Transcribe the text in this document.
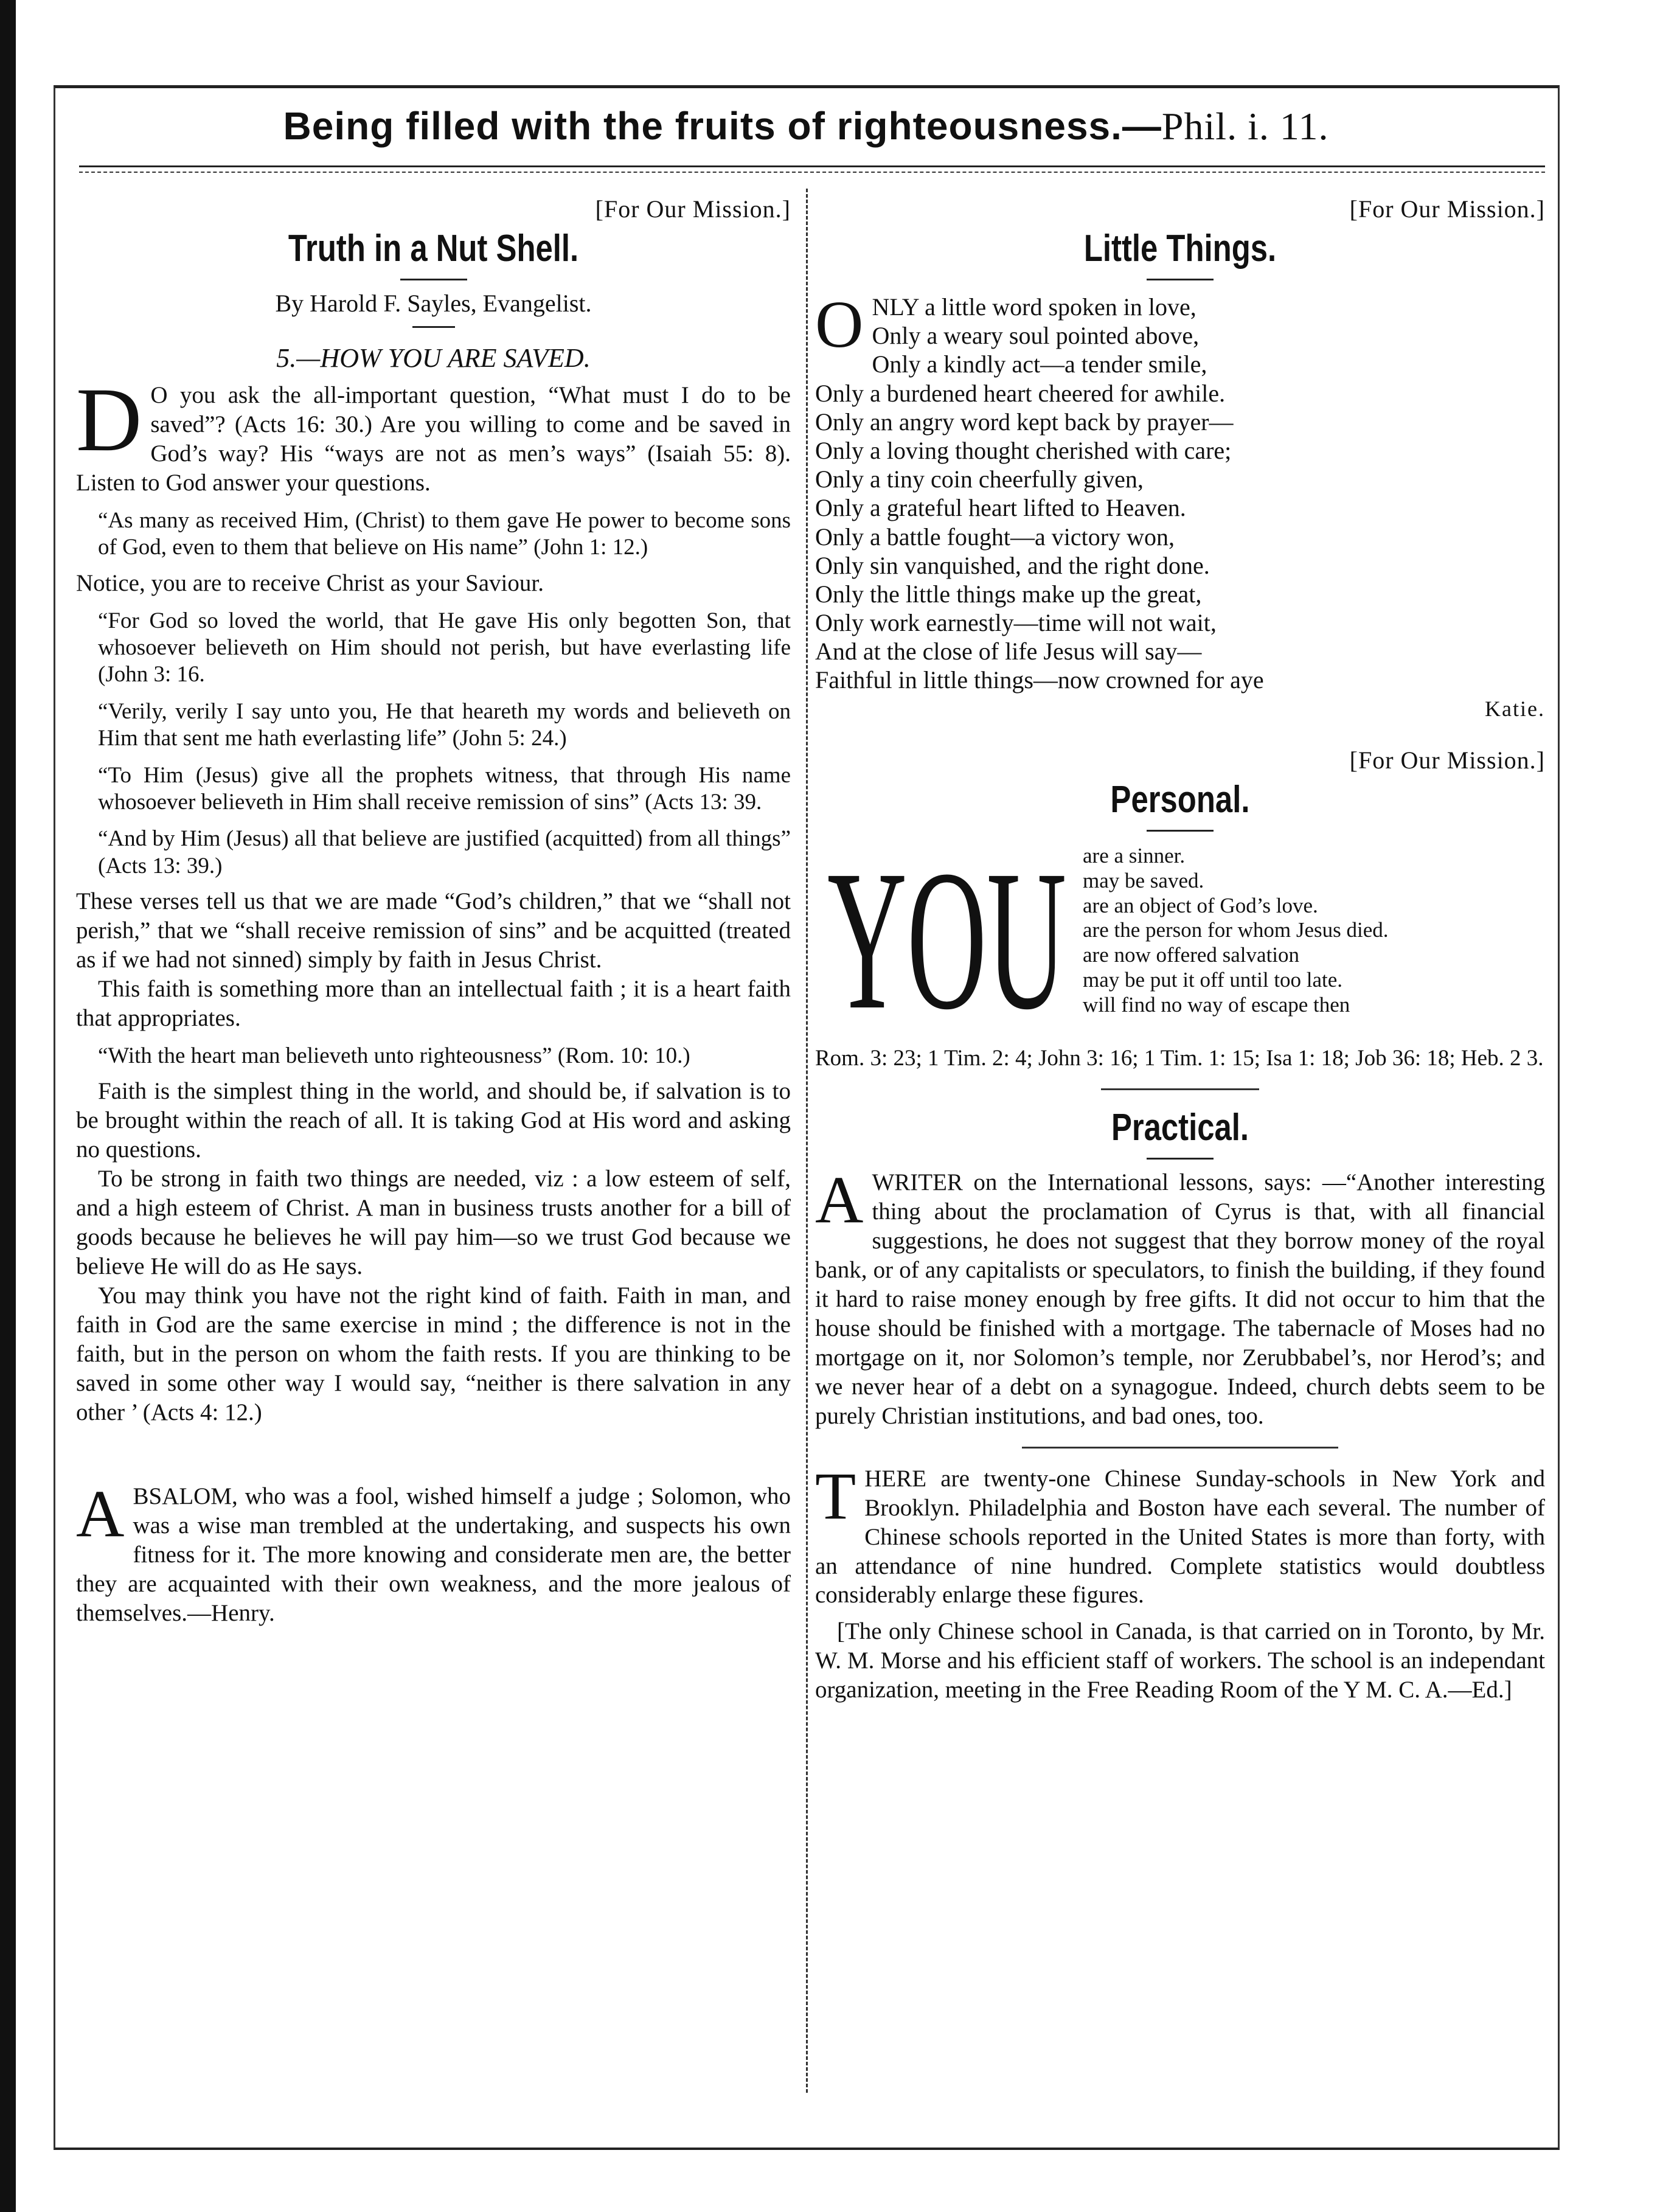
Being filled with the fruits of righteousness.—Phil. i. 11.

[For Our Mission.]

Truth in a Nut Shell.

By Harold F. Sayles, Evangelist.

5.—HOW YOU ARE SAVED.

D O you ask the all-important question, “What must I do to be saved”? (Acts 16: 30.) Are you willing to come and be saved in God’s way? His “ways are not as men’s ways” (Isaiah 55: 8). Listen to God answer your questions.

“As many as received Him, (Christ) to them gave He power to become sons of God, even to them that believe on His name” (John 1: 12.)

Notice, you are to receive Christ as your Saviour.

“For God so loved the world, that He gave His only begotten Son, that whosoever believeth on Him should not perish, but have everlasting life (John 3: 16.

“Verily, verily I say unto you, He that heareth my words and believeth on Him that sent me hath everlasting life” (John 5: 24.)

“To Him (Jesus) give all the prophets witness, that through His name whosoever believeth in Him shall receive remission of sins” (Acts 13: 39.

“And by Him (Jesus) all that believe are justified (acquitted) from all things” (Acts 13: 39.)

These verses tell us that we are made “God’s children,” that we “shall not perish,” that we “shall receive remission of sins” and be acquitted (treated as if we had not sinned) simply by faith in Jesus Christ.

This faith is something more than an intellectual faith ; it is a heart faith that appropriates.

“With the heart man believeth unto righteousness” (Rom. 10: 10.)

Faith is the simplest thing in the world, and should be, if salvation is to be brought within the reach of all. It is taking God at His word and asking no questions.

To be strong in faith two things are needed, viz : a low esteem of self, and a high esteem of Christ. A man in business trusts another for a bill of goods because he believes he will pay him—so we trust God because we believe He will do as He says.

You may think you have not the right kind of faith. Faith in man, and faith in God are the same exercise in mind ; the difference is not in the faith, but in the person on whom the faith rests. If you are thinking to be saved in some other way I would say, “neither is there salvation in any other ’ (Acts 4: 12.)

ABSALOM, who was a fool, wished himself a judge ; Solomon, who was a wise man trembled at the undertaking, and suspects his own fitness for it. The more knowing and considerate men are, the better they are acquainted with their own weakness, and the more jealous of themselves.—Henry.

[For Our Mission.]

Little Things.

O NLY a little word spoken in love,
Only a weary soul pointed above,
Only a kindly act—a tender smile,
Only a burdened heart cheered for awhile.
Only an angry word kept back by prayer—
Only a loving thought cherished with care;
Only a tiny coin cheerfully given,
Only a grateful heart lifted to Heaven.
Only a battle fought—a victory won,
Only sin vanquished, and the right done.
Only the little things make up the great,
Only work earnestly—time will not wait,
And at the close of life Jesus will say—
Faithful in little things—now crowned for aye

Katie.

[For Our Mission.]

Personal.

YOU are a sinner.
may be saved.
are an object of God’s love.
are the person for whom Jesus died.
are now offered salvation
may be put it off until too late.
will find no way of escape then

Rom. 3: 23; 1 Tim. 2: 4; John 3: 16; 1 Tim. 1: 15; Isa 1: 18; Job 36: 18; Heb. 2 3.

Practical.

AWRITER on the International lessons, says: —“Another interesting thing about the proclamation of Cyrus is that, with all financial suggestions, he does not suggest that they borrow money of the royal bank, or of any capitalists or speculators, to finish the building, if they found it hard to raise money enough by free gifts. It did not occur to him that the house should be finished with a mortgage. The tabernacle of Moses had no mortgage on it, nor Solomon’s temple, nor Zerubbabel’s, nor Herod’s; and we never hear of a debt on a synagogue. Indeed, church debts seem to be purely Christian institutions, and bad ones, too.

THERE are twenty-one Chinese Sunday-schools in New York and Brooklyn. Philadelphia and Boston have each several. The number of Chinese schools reported in the United States is more than forty, with an attendance of nine hundred. Complete statistics would doubtless considerably enlarge these figures.

[The only Chinese school in Canada, is that carried on in Toronto, by Mr. W. M. Morse and his efficient staff of workers. The school is an independant organization, meeting in the Free Reading Room of the Y M. C. A.—Ed.]
